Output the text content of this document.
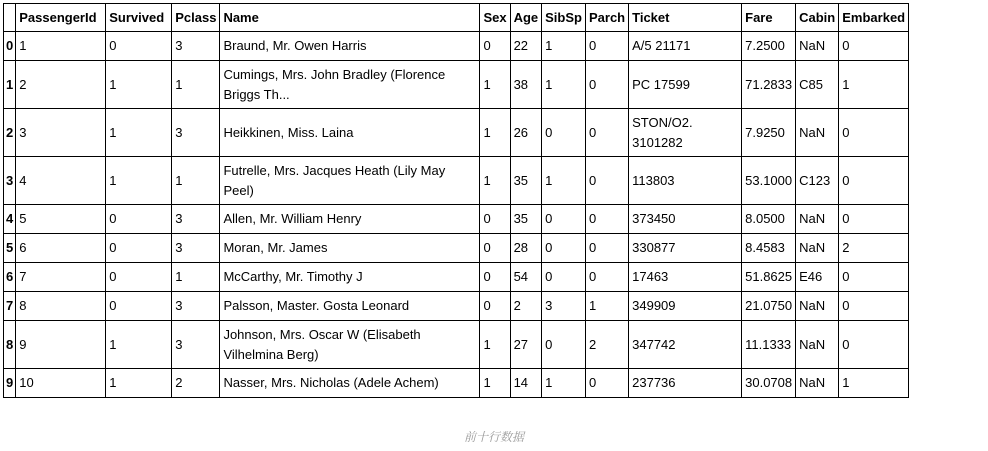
	PassengerId	Survived	Pclass	Name	Sex	Age	SibSp	Parch	Ticket	Fare	Cabin	Embarked
0	1	0	3	Braund, Mr. Owen Harris	0	22	1	0	A/5 21171	7.2500	NaN	0
1	2	1	1	Cumings, Mrs. John Bradley (Florence Briggs Th...	1	38	1	0	PC 17599	71.2833	C85	1
2	3	1	3	Heikkinen, Miss. Laina	1	26	0	0	STON/O2. 3101282	7.9250	NaN	0
3	4	1	1	Futrelle, Mrs. Jacques Heath (Lily May Peel)	1	35	1	0	113803	53.1000	C123	0
4	5	0	3	Allen, Mr. William Henry	0	35	0	0	373450	8.0500	NaN	0
5	6	0	3	Moran, Mr. James	0	28	0	0	330877	8.4583	NaN	2
6	7	0	1	McCarthy, Mr. Timothy J	0	54	0	0	17463	51.8625	E46	0
7	8	0	3	Palsson, Master. Gosta Leonard	0	2	3	1	349909	21.0750	NaN	0
8	9	1	3	Johnson, Mrs. Oscar W (Elisabeth Vilhelmina Berg)	1	27	0	2	347742	11.1333	NaN	0
9	10	1	2	Nasser, Mrs. Nicholas (Adele Achem)	1	14	1	0	237736	30.0708	NaN	1
前十行数据
